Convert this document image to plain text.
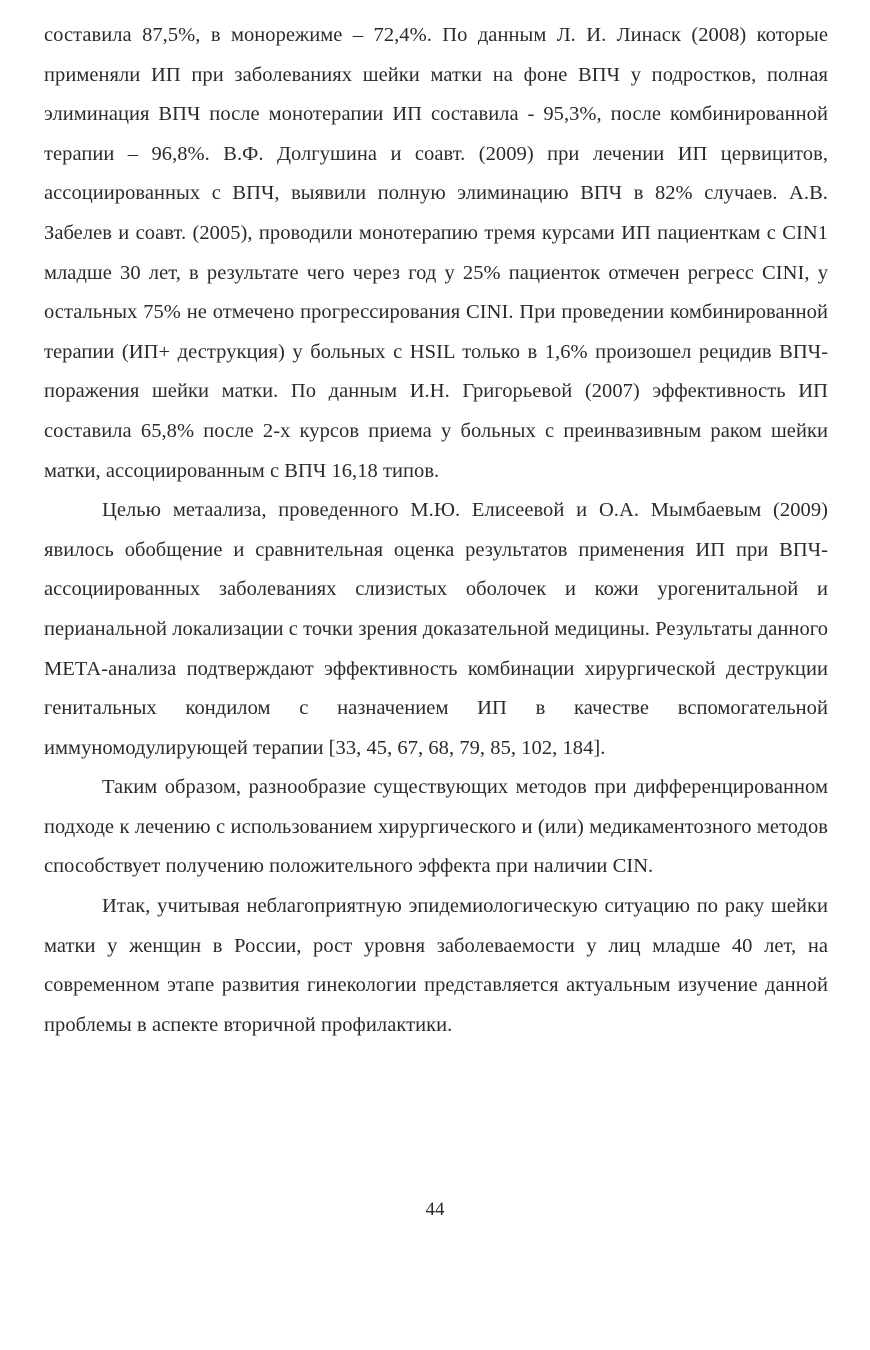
составила 87,5%, в монорежиме – 72,4%. По данным Л. И. Линаск (2008) которые применяли ИП при заболеваниях шейки матки на фоне ВПЧ у подростков, полная элиминация ВПЧ после монотерапии ИП составила - 95,3%, после комбинированной терапии – 96,8%. В.Ф. Долгушина и соавт. (2009) при лечении ИП цервицитов, ассоциированных с ВПЧ, выявили полную элиминацию ВПЧ в 82% случаев. А.В. Забелев и соавт. (2005), проводили монотерапию тремя курсами ИП пациенткам с CIN1 младше 30 лет, в результате чего через год у 25% пациенток отмечен регресс CINI, у остальных 75% не отмечено прогрессирования CINI. При проведении комбинированной терапии (ИП+ деструкция) у больных с HSIL только в 1,6% произошел рецидив ВПЧ-поражения шейки матки. По данным И.Н. Григорьевой (2007) эффективность ИП составила 65,8% после 2-х курсов приема у больных с преинвазивным раком шейки матки, ассоциированным с ВПЧ 16,18 типов.

Целью метаализа, проведенного М.Ю. Елисеевой и О.А. Мымбаевым (2009) явилось обобщение и сравнительная оценка результатов применения ИП при ВПЧ-ассоциированных заболеваниях слизистых оболочек и кожи урогенитальной и перианальной локализации с точки зрения доказательной медицины. Результаты данного МЕТА-анализа подтверждают эффективность комбинации хирургической деструкции генитальных кондилом с назначением ИП в качестве вспомогательной иммуномодулирующей терапии [33, 45, 67, 68, 79, 85, 102, 184].

Таким образом, разнообразие существующих методов при дифференцированном подходе к лечению с использованием хирургического и (или) медикаментозного методов способствует получению положительного эффекта при наличии CIN.

Итак, учитывая неблагоприятную эпидемиологическую ситуацию по раку шейки матки у женщин в России, рост уровня заболеваемости у лиц младше 40 лет, на современном этапе развития гинекологии представляется актуальным изучение данной проблемы в аспекте вторичной профилактики.

44
